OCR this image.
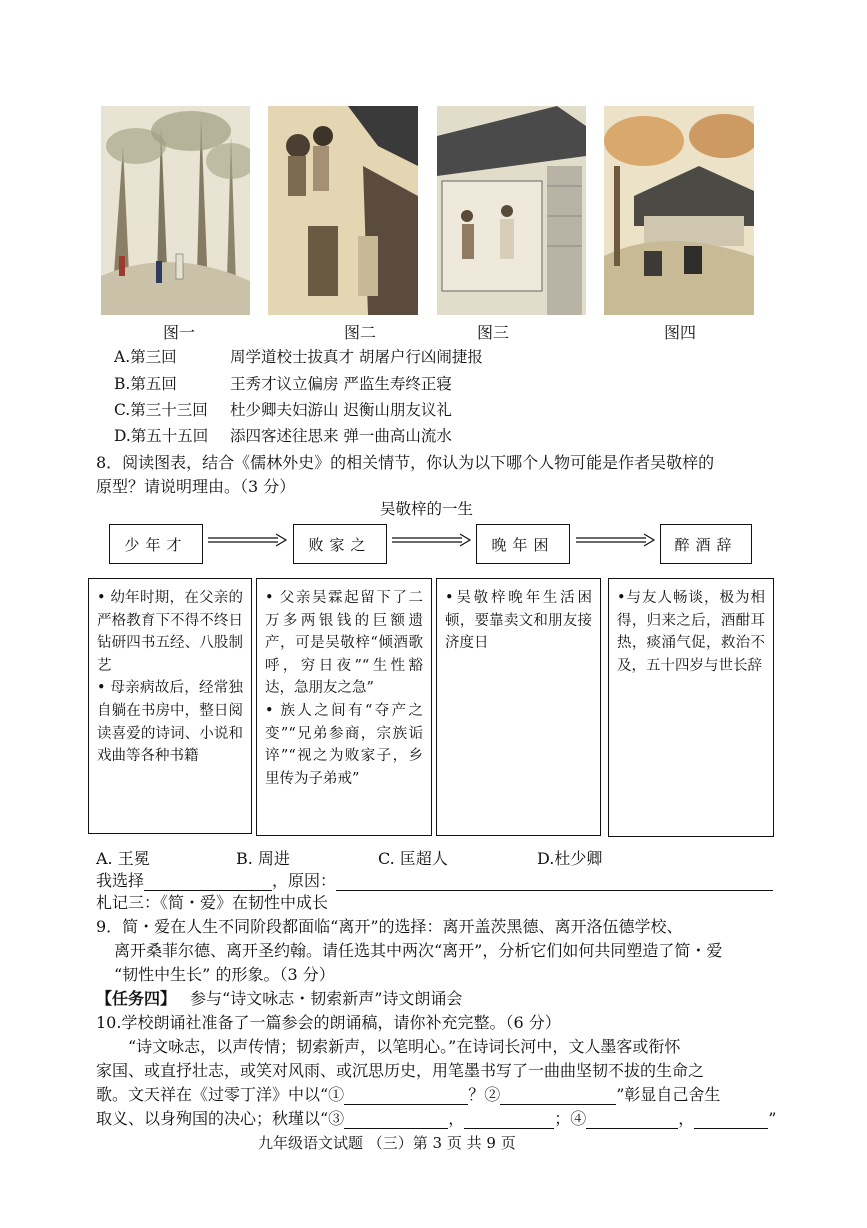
图一	图二	图三	图四
A.第三回	周学道校士拔真才 胡屠户行凶闹捷报
B.第五回	王秀才议立偏房 严监生寿终正寝
C.第三十三回 杜少卿夫妇游山 迟衡山朋友议礼
D.第五十五回 添四客述往思来 弹一曲高山流水
8．阅读图表，结合《儒林外史》的相关情节，你认为以下哪个人物可能是作者吴敬梓的
原型？请说明理由。（3 分）
吴敬梓的一生
少年才	败家之	晚年困	醉酒辞
• 幼年时期，在父亲的严格教育下不得不终日钻研四书五经、八股制艺
• 母亲病故后，经常独自躺在书房中，整日阅读喜爱的诗词、小说和戏曲等各种书籍
• 父亲吴霖起留下了二万多两银钱的巨额遗产，可是吴敬梓“倾酒歌呼，穷日夜”“生性豁达，急朋友之急”
• 族人之间有“夺产之变”“兄弟参商，宗族诟谇”“视之为败家子，乡里传为子弟戒”
•吴敬梓晚年生活困顿，要靠卖文和朋友接济度日
•与友人畅谈，极为相得，归来之后，酒酣耳热，痰涌气促，救治不及，五十四岁与世长辞
A. 王冕	B. 周进	C. 匡超人	D.杜少卿
我选择	，原因：
札记三：《简・爱》在韧性中成长
9．简・爱在人生不同阶段都面临“离开”的选择：离开盖茨黑德、离开洛伍德学校、
离开桑菲尔德、离开圣约翰。请任选其中两次“离开”，分析它们如何共同塑造了简・爱
“韧性中生长” 的形象。（3 分）
【任务四】 参与“诗文咏志・韧索新声”诗文朗诵会
10.学校朗诵社准备了一篇参会的朗诵稿，请你补充完整。（6 分）
“诗文咏志，以声传情；韧索新声，以笔明心。”在诗词长河中，文人墨客或衔怀
家国、或直抒壮志，或笑对风雨、或沉思历史，用笔墨书写了一曲曲坚韧不拔的生命之
歌。文天祥在《过零丁洋》中以“①	？②	”彰显自己舍生
取义、以身殉国的决心；秋瑾以“③	，	；④	，	”
九年级语文试题 （三）第 3 页 共 9 页
